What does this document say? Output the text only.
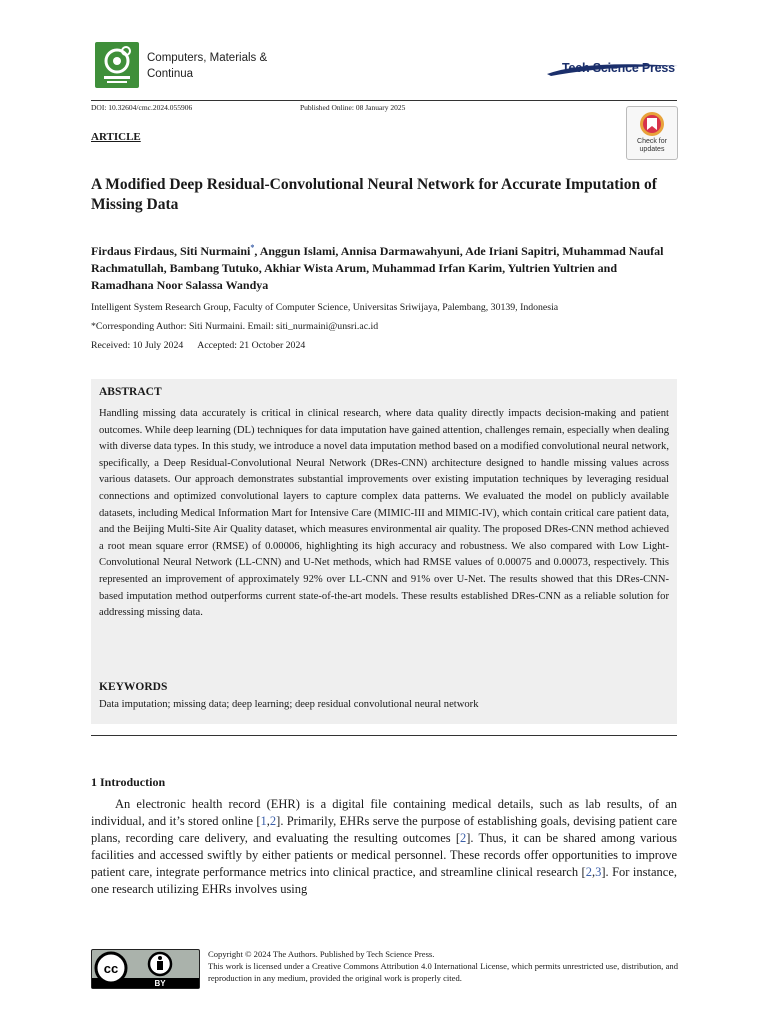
Computers, Materials &
Continua	Tech Science Press
DOI: 10.32604/cmc.2024.055906	Published Online: 08 January 2025
ARTICLE	Check for
updates
A Modified Deep Residual-Convolutional Neural Network for Accurate Imputation of Missing Data
Firdaus Firdaus, Siti Nurmaini*, Anggun Islami, Annisa Darmawahyuni, Ade Iriani Sapitri, Muhammad Naufal Rachmatullah, Bambang Tutuko, Akhiar Wista Arum, Muhammad Irfan Karim, Yultrien Yultrien and Ramadhana Noor Salassa Wandya
Intelligent System Research Group, Faculty of Computer Science, Universitas Sriwijaya, Palembang, 30139, Indonesia
*Corresponding Author: Siti Nurmaini. Email: siti_nurmaini@unsri.ac.id
Received: 10 July 2024 Accepted: 21 October 2024
ABSTRACT
Handling missing data accurately is critical in clinical research, where data quality directly impacts decision-making and patient outcomes. While deep learning (DL) techniques for data imputation have gained attention, challenges remain, especially when dealing with diverse data types. In this study, we introduce a novel data imputation method based on a modified convolutional neural network, specifically, a Deep Residual-Convolutional Neural Network (DRes-CNN) architecture designed to handle missing values across various datasets. Our approach demonstrates substantial improvements over existing imputation techniques by leveraging residual connections and optimized convolutional layers to capture complex data patterns. We evaluated the model on publicly available datasets, including Medical Information Mart for Intensive Care (MIMIC-III and MIMIC-IV), which contain critical care patient data, and the Beijing Multi-Site Air Quality dataset, which measures environmental air quality. The proposed DRes-CNN method achieved a root mean square error (RMSE) of 0.00006, highlighting its high accuracy and robustness. We also compared with Low Light-Convolutional Neural Network (LL-CNN) and U-Net methods, which had RMSE values of 0.00075 and 0.00073, respectively. This represented an improvement of approximately 92% over LL-CNN and 91% over U-Net. The results showed that this DRes-CNN-based imputation method outperforms current state-of-the-art models. These results established DRes-CNN as a reliable solution for addressing missing data.
KEYWORDS
Data imputation; missing data; deep learning; deep residual convolutional neural network
1 Introduction
An electronic health record (EHR) is a digital file containing medical details, such as lab results, of an individual, and it’s stored online [1,2]. Primarily, EHRs serve the purpose of establishing goals, devising patient care plans, recording care delivery, and evaluating the resulting outcomes [2]. Thus, it can be shared among various facilities and accessed swiftly by either patients or medical personnel. These records offer opportunities to improve patient care, integrate performance metrics into clinical practice, and streamline clinical research [2,3]. For instance, one research utilizing EHRs involves using
cc
BY
Copyright © 2024 The Authors. Published by Tech Science Press.
This work is licensed under a Creative Commons Attribution 4.0 International License, which permits unrestricted use, distribution, and reproduction in any medium, provided the original work is properly cited.
